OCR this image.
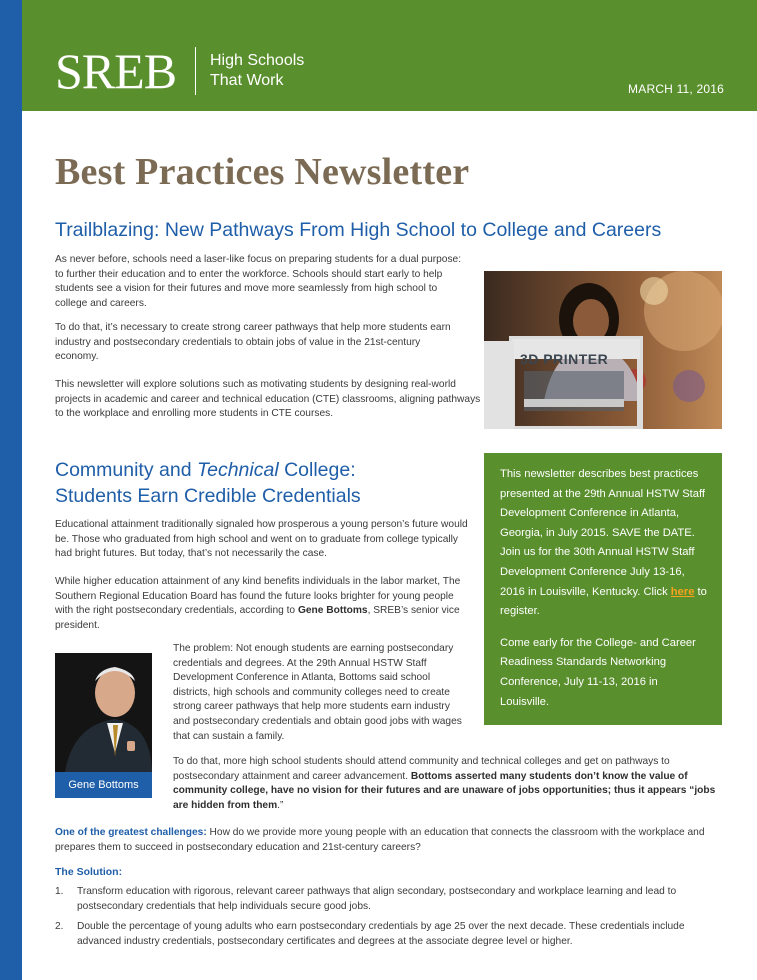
SREB High Schools
That Work	MARCH 11, 2016
Best Practices Newsletter
Trailblazing: New Pathways From High School to College and Careers

As never before, schools need a laser-like focus on preparing students for a dual purpose: to further their education and to enter the workforce. Schools should start early to help students see a vision for their futures and move more seamlessly from high school to college and careers.

To do that, it’s necessary to create strong career pathways that help more students earn industry and postsecondary credentials to obtain jobs of value in the 21st-century economy.

This newsletter will explore solutions such as motivating students by designing real-world projects in academic and career and technical education (CTE) classrooms, aligning pathways to the workplace and enrolling more students in CTE courses.

3D PRINTER
Community and Technical College:
Students Earn Credible Credentials

Educational attainment traditionally signaled how prosperous a young person’s future would be. Those who graduated from high school and went on to graduate from college typically had bright futures. But today, that’s not necessarily the case.

While higher education attainment of any kind benefits individuals in the labor market, The Southern Regional Education Board has found the future looks brighter for young people with the right postsecondary credentials, according to Gene Bottoms, SREB’s senior vice president.

Gene Bottoms

The problem: Not enough students are earning postsecondary credentials and degrees. At the 29th Annual HSTW Staff Development Conference in Atlanta, Bottoms said school districts, high schools and community colleges need to create strong career pathways that help more students earn industry and postsecondary credentials and obtain good jobs with wages that can sustain a family.

To do that, more high school students should attend community and technical colleges and get on pathways to postsecondary attainment and career advancement. Bottoms asserted many students don’t know the value of community college, have no vision for their futures and are unaware of jobs opportunities; thus it appears “jobs are hidden from them.”

This newsletter describes best practices presented at the 29th Annual HSTW Staff Development Conference in Atlanta, Georgia, in July 2015. SAVE the DATE. Join us for the 30th Annual HSTW Staff Development Conference July 13-16, 2016 in Louisville, Kentucky. Click here to register.

Come early for the College- and Career Readiness Standards Networking Conference, July 11-13, 2016 in Louisville.

One of the greatest challenges: How do we provide more young people with an education that connects the classroom with the workplace and prepares them to succeed in postsecondary education and 21st-century careers?

The Solution:
1. Transform education with rigorous, relevant career pathways that align secondary, postsecondary and workplace learning and lead to postsecondary credentials that help individuals secure good jobs.
2. Double the percentage of young adults who earn postsecondary credentials by age 25 over the next decade. These credentials include advanced industry credentials, postsecondary certificates and degrees at the associate degree level or higher.
